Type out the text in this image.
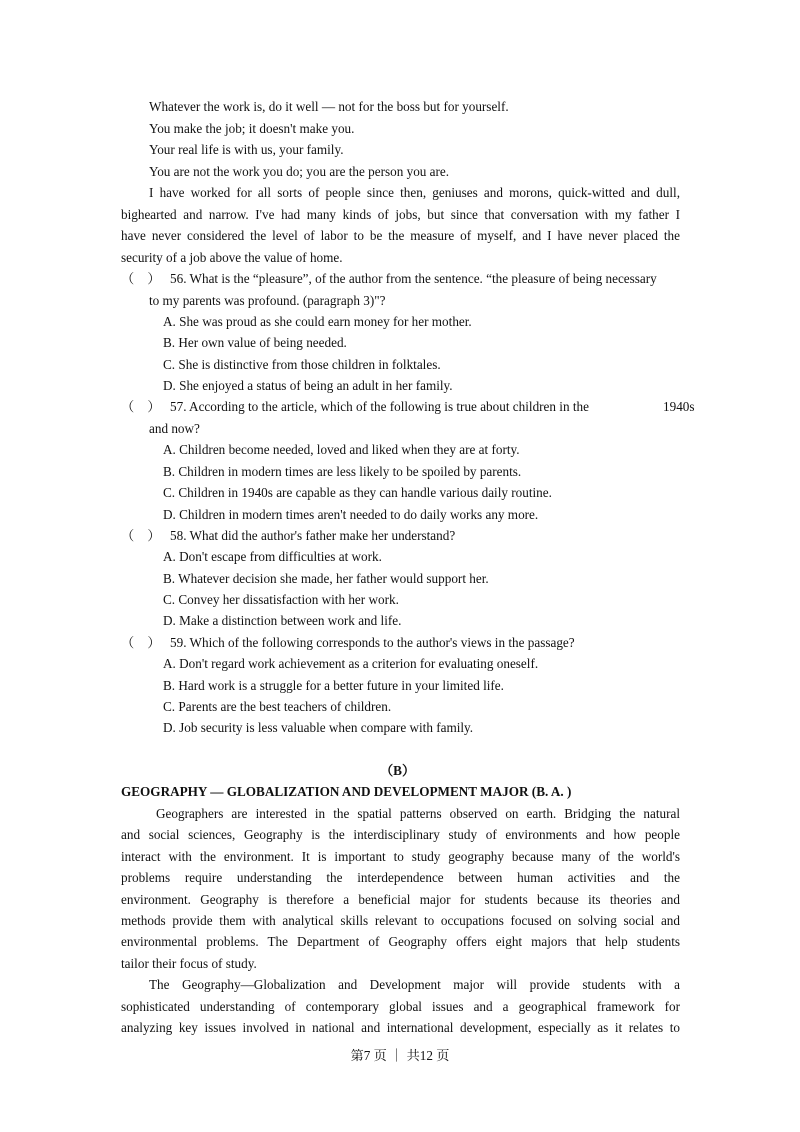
Whatever the work is, do it well — not for the boss but for yourself.
You make the job; it doesn't make you.
Your real life is with us, your family.
You are not the work you do; you are the person you are.
I have worked for all sorts of people since then, geniuses and morons, quick-witted and dull,
bighearted and narrow. I've had many kinds of jobs, but since that conversation with my father I
have never considered the level of labor to be the measure of myself, and I have never placed the
security of a job above the value of home.
（　） 56. What is the “pleasure”, of the author from the sentence. “the pleasure of being necessary
to my parents was profound. (paragraph 3)"?
A. She was proud as she could earn money for her mother.
B. Her own value of being needed.
C. She is distinctive from those children in folktales.
D. She enjoyed a status of being an adult in her family.
（　） 57. According to the article, which of the following is true about children in the	1940s
and now?
A. Children become needed, loved and liked when they are at forty.
B. Children in modern times are less likely to be spoiled by parents.
C. Children in 1940s are capable as they can handle various daily routine.
D. Children in modern times aren't needed to do daily works any more.
（　） 58. What did the author's father make her understand?
A. Don't escape from difficulties at work.
B. Whatever decision she made, her father would support her.
C. Convey her dissatisfaction with her work.
D. Make a distinction between work and life.
（　） 59. Which of the following corresponds to the author's views in the passage?
A. Don't regard work achievement as a criterion for evaluating oneself.
B. Hard work is a struggle for a better future in your limited life.
C. Parents are the best teachers of children.
D. Job security is less valuable when compare with family.
（B）
GEOGRAPHY — GLOBALIZATION AND DEVELOPMENT MAJOR (B. A. )
Geographers are interested in the spatial patterns observed on earth. Bridging the natural
and social sciences, Geography is the interdisciplinary study of environments and how people
interact with the environment. It is important to study geography because many of the world's
problems require understanding the interdependence between human activities and the
environment. Geography is therefore a beneficial major for students because its theories and
methods provide them with analytical skills relevant to occupations focused on solving social and
environmental problems. The Department of Geography offers eight majors that help students
tailor their focus of study.
The Geography—Globalization and Development major will provide students with a
sophisticated understanding of contemporary global issues and a geographical framework for
analyzing key issues involved in national and international development, especially as it relates to
第7 页 ｜ 共12 页
